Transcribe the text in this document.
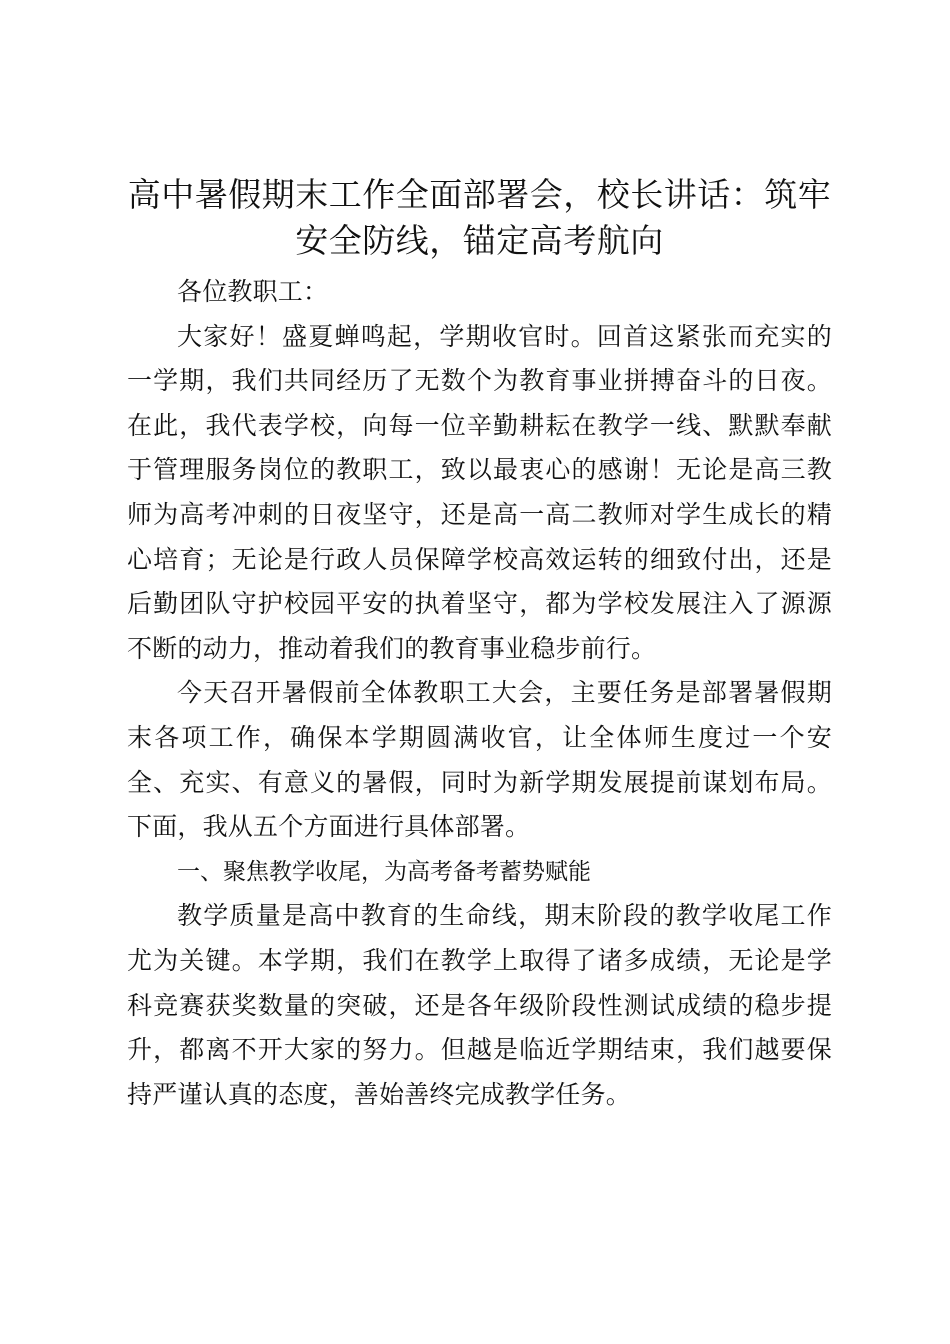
高中暑假期末工作全面部署会，校长讲话：筑牢安全防线，锚定高考航向

各位教职工：

大家好！盛夏蝉鸣起，学期收官时。回首这紧张而充实的一学期，我们共同经历了无数个为教育事业拼搏奋斗的日夜。在此，我代表学校，向每一位辛勤耕耘在教学一线、默默奉献于管理服务岗位的教职工，致以最衷心的感谢！无论是高三教师为高考冲刺的日夜坚守，还是高一高二教师对学生成长的精心培育；无论是行政人员保障学校高效运转的细致付出，还是后勤团队守护校园平安的执着坚守，都为学校发展注入了源源不断的动力，推动着我们的教育事业稳步前行。

今天召开暑假前全体教职工大会，主要任务是部署暑假期末各项工作，确保本学期圆满收官，让全体师生度过一个安全、充实、有意义的暑假，同时为新学期发展提前谋划布局。下面，我从五个方面进行具体部署。

一、聚焦教学收尾，为高考备考蓄势赋能

教学质量是高中教育的生命线，期末阶段的教学收尾工作尤为关键。本学期，我们在教学上取得了诸多成绩，无论是学科竞赛获奖数量的突破，还是各年级阶段性测试成绩的稳步提升，都离不开大家的努力。但越是临近学期结束，我们越要保持严谨认真的态度，善始善终完成教学任务。
